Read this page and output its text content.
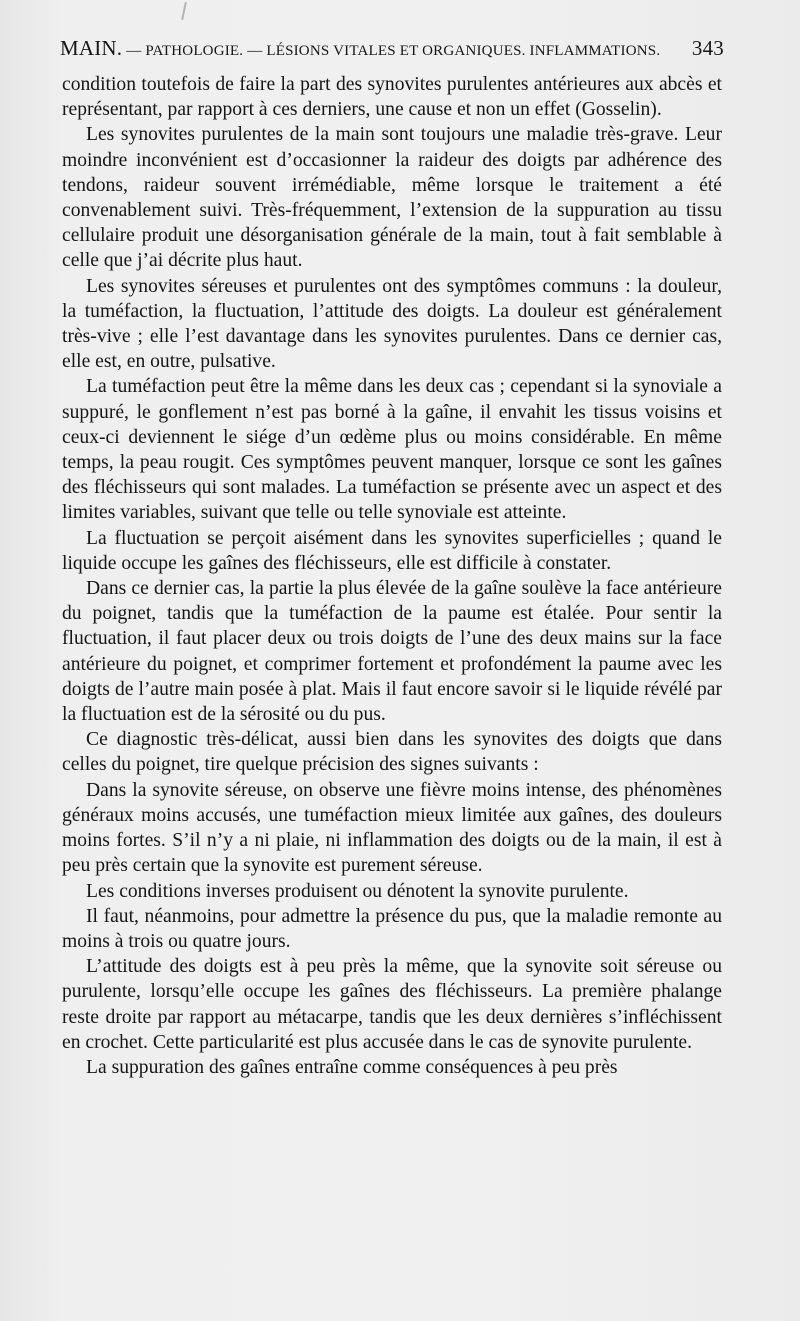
MAIN. — PATHOLOGIE. — LÉSIONS VITALES ET ORGANIQUES. INFLAMMATIONS. 343

condition toutefois de faire la part des synovites purulentes antérieures aux abcès et représentant, par rapport à ces derniers, une cause et non un effet (Gosselin).

Les synovites purulentes de la main sont toujours une maladie très-grave. Leur moindre inconvénient est d’occasionner la raideur des doigts par adhérence des tendons, raideur souvent irrémédiable, même lorsque le traitement a été convenablement suivi. Très-fréquemment, l’extension de la suppuration au tissu cellulaire produit une désorganisation générale de la main, tout à fait semblable à celle que j’ai décrite plus haut.

Les synovites séreuses et purulentes ont des symptômes communs : la douleur, la tuméfaction, la fluctuation, l’attitude des doigts. La douleur est généralement très-vive ; elle l’est davantage dans les synovites purulentes. Dans ce dernier cas, elle est, en outre, pulsative.

La tuméfaction peut être la même dans les deux cas ; cependant si la synoviale a suppuré, le gonflement n’est pas borné à la gaîne, il envahit les tissus voisins et ceux-ci deviennent le siége d’un œdème plus ou moins considérable. En même temps, la peau rougit. Ces symptômes peuvent manquer, lorsque ce sont les gaînes des fléchisseurs qui sont malades. La tuméfaction se présente avec un aspect et des limites variables, suivant que telle ou telle synoviale est atteinte.

La fluctuation se perçoit aisément dans les synovites superficielles ; quand le liquide occupe les gaînes des fléchisseurs, elle est difficile à constater.

Dans ce dernier cas, la partie la plus élevée de la gaîne soulève la face antérieure du poignet, tandis que la tuméfaction de la paume est étalée. Pour sentir la fluctuation, il faut placer deux ou trois doigts de l’une des deux mains sur la face antérieure du poignet, et comprimer fortement et profondément la paume avec les doigts de l’autre main posée à plat. Mais il faut encore savoir si le liquide révélé par la fluctuation est de la sérosité ou du pus.

Ce diagnostic très-délicat, aussi bien dans les synovites des doigts que dans celles du poignet, tire quelque précision des signes suivants :

Dans la synovite séreuse, on observe une fièvre moins intense, des phénomènes généraux moins accusés, une tuméfaction mieux limitée aux gaînes, des douleurs moins fortes. S’il n’y a ni plaie, ni inflammation des doigts ou de la main, il est à peu près certain que la synovite est purement séreuse.

Les conditions inverses produisent ou dénotent la synovite purulente.

Il faut, néanmoins, pour admettre la présence du pus, que la maladie remonte au moins à trois ou quatre jours.

L’attitude des doigts est à peu près la même, que la synovite soit séreuse ou purulente, lorsqu’elle occupe les gaînes des fléchisseurs. La première phalange reste droite par rapport au métacarpe, tandis que les deux dernières s’infléchissent en crochet. Cette particularité est plus accusée dans le cas de synovite purulente.

La suppuration des gaînes entraîne comme conséquences à peu près
